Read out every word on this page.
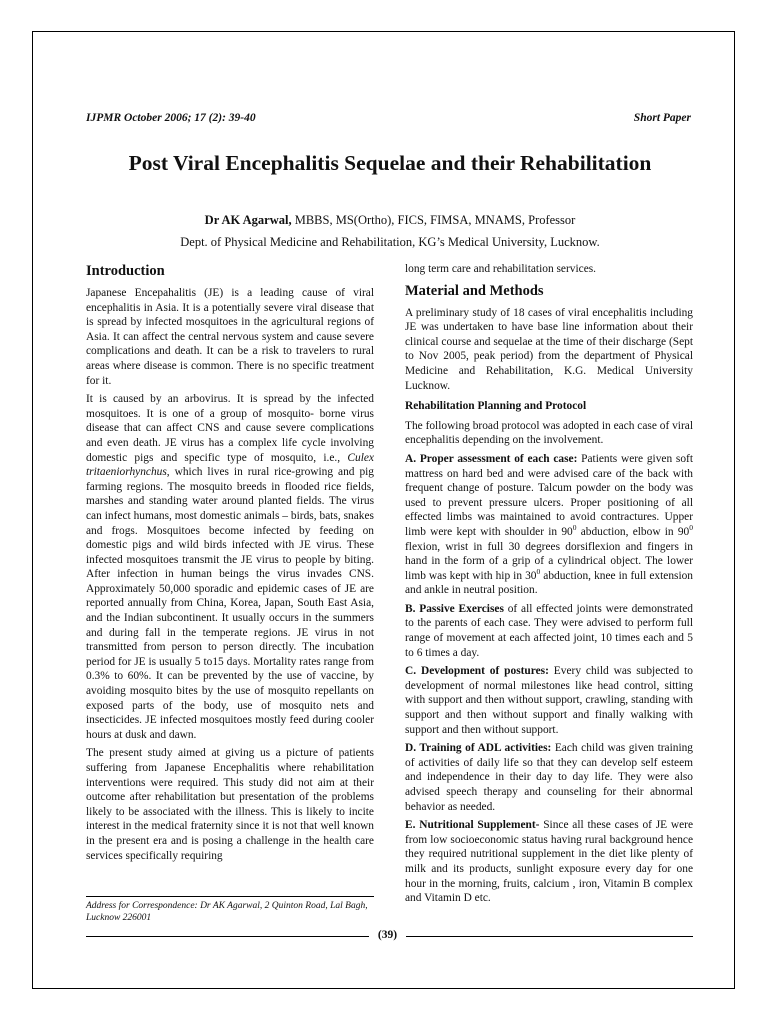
IJPMR October 2006; 17 (2): 39-40	Short Paper
Post Viral Encephalitis Sequelae and their Rehabilitation
Dr AK Agarwal, MBBS, MS(Ortho), FICS, FIMSA, MNAMS, Professor
Dept. of Physical Medicine and Rehabilitation, KG’s Medical University, Lucknow.
Introduction

Japanese Encepahalitis (JE) is a leading cause of viral encephalitis in Asia. It is a potentially severe viral disease that is spread by infected mosquitoes in the agricultural regions of Asia. It can affect the central nervous system and cause severe complications and death. It can be a risk to travelers to rural areas where disease is common. There is no specific treatment for it.

It is caused by an arbovirus. It is spread by the infected mosquitoes. It is one of a group of mosquito- borne virus disease that can affect CNS and cause severe complications and even death. JE virus has a complex life cycle involving domestic pigs and specific type of mosquito, i.e., Culex tritaeniorhynchus, which lives in rural rice-growing and pig farming regions. The mosquito breeds in flooded rice fields, marshes and standing water around planted fields. The virus can infect humans, most domestic animals – birds, bats, snakes and frogs. Mosquitoes become infected by feeding on domestic pigs and wild birds infected with JE virus. These infected mosquitoes transmit the JE virus to people by biting. After infection in human beings the virus invades CNS. Approximately 50,000 sporadic and epidemic cases of JE are reported annually from China, Korea, Japan, South East Asia, and the Indian subcontinent. It usually occurs in the summers and during fall in the temperate regions. JE virus in not transmitted from person to person directly. The incubation period for JE is usually 5 to15 days. Mortality rates range from 0.3% to 60%. It can be prevented by the use of vaccine, by avoiding mosquito bites by the use of mosquito repellants on exposed parts of the body, use of mosquito nets and insecticides. JE infected mosquitoes mostly feed during cooler hours at dusk and dawn.

The present study aimed at giving us a picture of patients suffering from Japanese Encephalitis where rehabilitation interventions were required. This study did not aim at their outcome after rehabilitation but presentation of the problems likely to be associated with the illness. This is likely to incite interest in the medical fraternity since it is not that well known in the present era and is posing a challenge in the health care services specifically requiring

long term care and rehabilitation services.

Material and Methods

A preliminary study of 18 cases of viral encephalitis including JE was undertaken to have base line information about their clinical course and sequelae at the time of their discharge (Sept to Nov 2005, peak period) from the department of Physical Medicine and Rehabilitation, K.G. Medical University Lucknow.

Rehabilitation Planning and Protocol

The following broad protocol was adopted in each case of viral encephalitis depending on the involvement.

A. Proper assessment of each case: Patients were given soft mattress on hard bed and were advised care of the back with frequent change of posture. Talcum powder on the body was used to prevent pressure ulcers. Proper positioning of all effected limbs was maintained to avoid contractures. Upper limb were kept with shoulder in $90^0$ abduction, elbow in $90^0$ flexion, wrist in full 30 degrees dorsiflexion and fingers in hand in the form of a grip of a cylindrical object. The lower limb was kept with hip in $30^0$ abduction, knee in full extension and ankle in neutral position.

B. Passive Exercises of all effected joints were demonstrated to the parents of each case. They were advised to perform full range of movement at each affected joint, 10 times each and 5 to 6 times a day.

C. Development of postures: Every child was subjected to development of normal milestones like head control, sitting with support and then without support, crawling, standing with support and then without support and finally walking with support and then without support.

D. Training of ADL activities: Each child was given training of activities of daily life so that they can develop self esteem and independence in their day to day life. They were also advised speech therapy and counseling for their abnormal behavior as needed.

E. Nutritional Supplement- Since all these cases of JE were from low socioeconomic status having rural background hence they required nutritional supplement in the diet like plenty of milk and its products, sunlight exposure every day for one hour in the morning, fruits, calcium , iron, Vitamin B complex and Vitamin D etc.

Address for Correspondence: Dr AK Agarwal, 2 Quinton Road, Lal Bagh, Lucknow 226001
(39)
